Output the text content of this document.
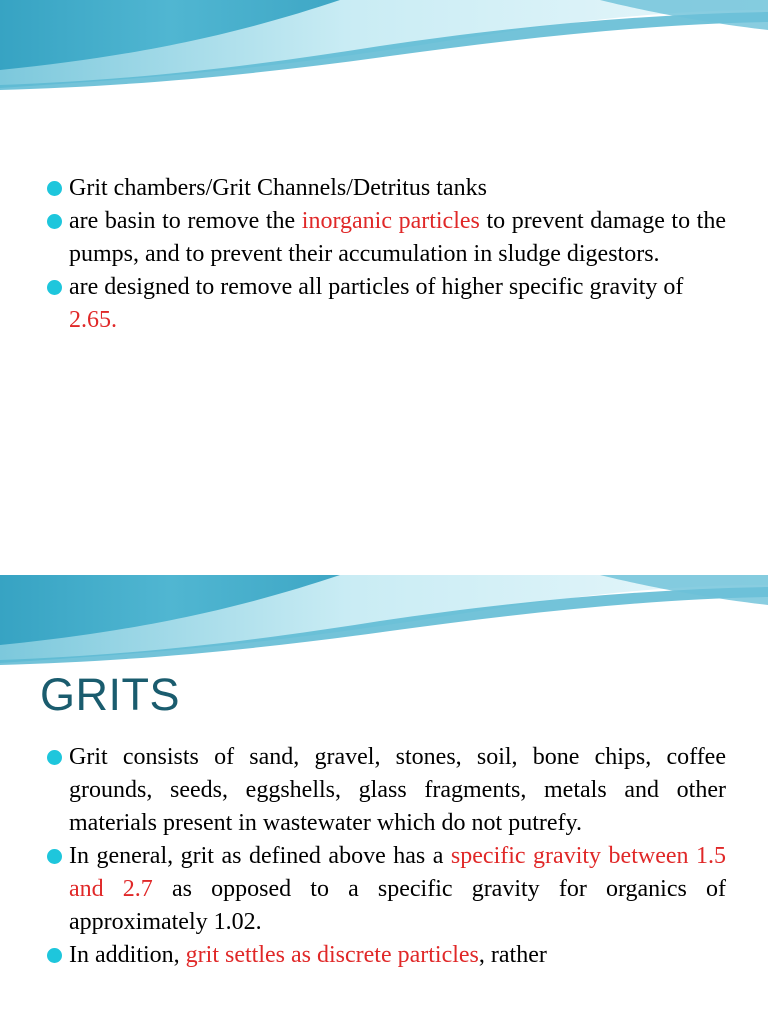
Grit chambers/Grit Channels/Detritus tanks

are basin to remove the inorganic particles to prevent damage to the pumps, and to prevent their accumulation in sludge digestors.

are designed to remove all particles of higher specific gravity of 2.65.

GRITS

Grit consists of sand, gravel, stones, soil, bone chips, coffee grounds, seeds, eggshells, glass fragments, metals and other materials present in wastewater which do not putrefy.

In general, grit as defined above has a specific gravity between 1.5 and 2.7 as opposed to a specific gravity for organics of approximately 1.02.

In addition, grit settles as discrete particles, rather
